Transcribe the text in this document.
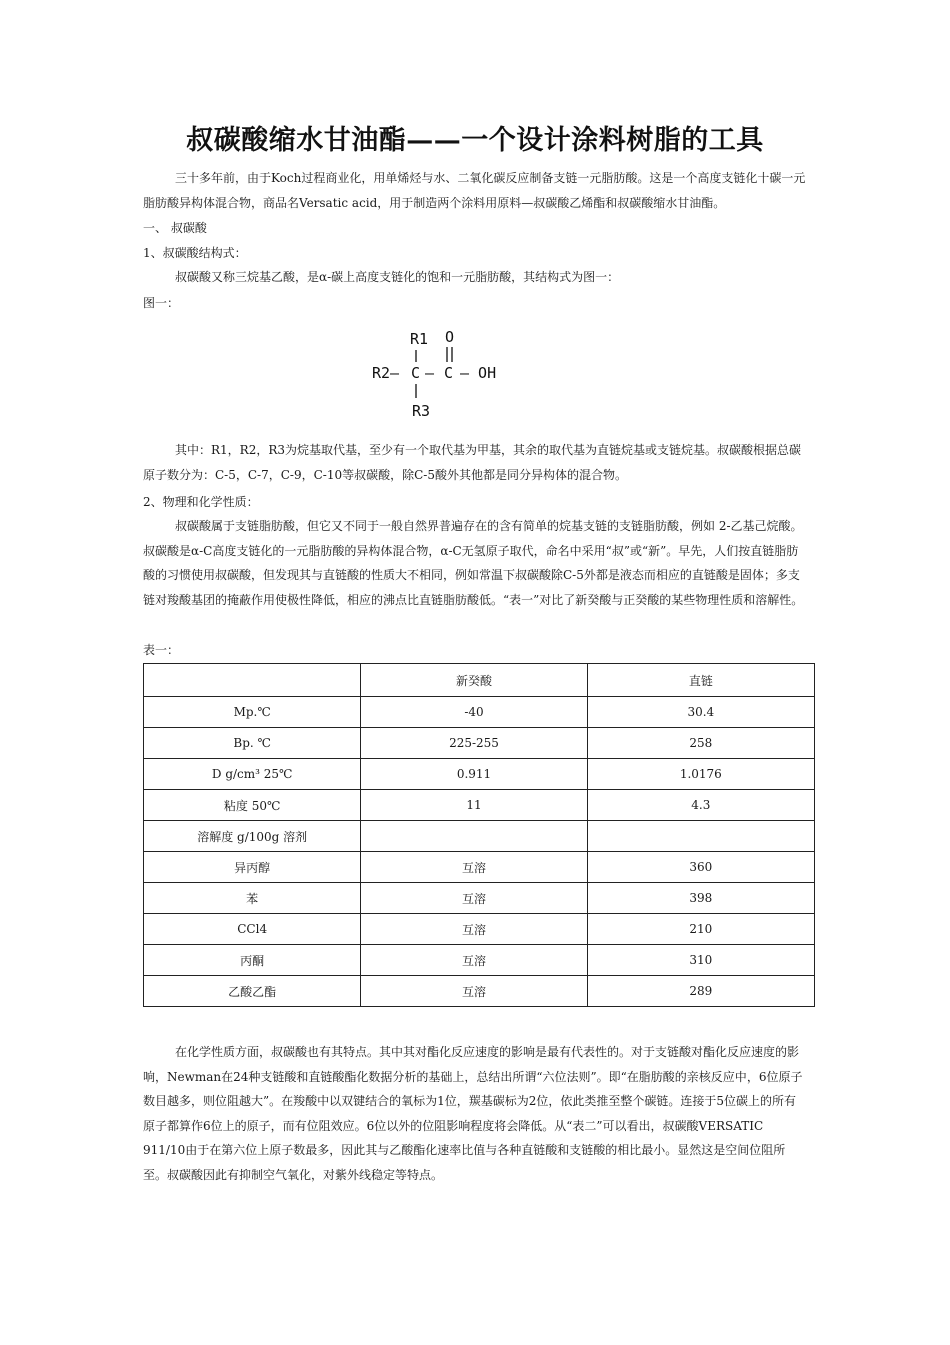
叔碳酸缩水甘油酯——一个设计涂料树脂的工具
三十多年前，由于Koch过程商业化，用单烯烃与水、二氧化碳反应制备支链一元脂肪酸。这是一个高度支链化十碳一元脂肪酸异构体混合物，商品名Versatic acid，用于制造两个涂料用原料—叔碳酸乙烯酯和叔碳酸缩水甘油酯。
一、 叔碳酸
1、叔碳酸结构式：
叔碳酸又称三烷基乙酸，是α-碳上高度支链化的饱和一元脂肪酸，其结构式为图一：
图一：
R1 O
R2— C — C — OH
R3
其中：R1，R2，R3为烷基取代基，至少有一个取代基为甲基，其余的取代基为直链烷基或支链烷基。叔碳酸根据总碳原子数分为：C-5，C-7，C-9，C-10等叔碳酸，除C-5酸外其他都是同分异构体的混合物。
2、物理和化学性质：
叔碳酸属于支链脂肪酸，但它又不同于一般自然界普遍存在的含有简单的烷基支链的支链脂肪酸，例如 2-乙基己烷酸。叔碳酸是α-C高度支链化的一元脂肪酸的异构体混合物，α-C无氢原子取代，命名中采用“叔”或“新”。早先，人们按直链脂肪酸的习惯使用叔碳酸，但发现其与直链酸的性质大不相同，例如常温下叔碳酸除C-5外都是液态而相应的直链酸是固体；多支链对羧酸基团的掩蔽作用使极性降低，相应的沸点比直链脂肪酸低。“表一”对比了新癸酸与正癸酸的某些物理性质和溶解性。
表一：
	新癸酸	直链
Mp.℃	-40	30.4
Bp. ℃	225-255	258
D g/cm³ 25℃	0.911	1.0176
粘度 50℃	11	4.3
溶解度 g/100g 溶剂		
异丙醇	互溶	360
苯	互溶	398
CCl4	互溶	210
丙酮	互溶	310
乙酸乙酯	互溶	289
在化学性质方面，叔碳酸也有其特点。其中其对酯化反应速度的影响是最有代表性的。对于支链酸对酯化反应速度的影响，Newman在24种支链酸和直链酸酯化数据分析的基础上，总结出所谓“六位法则”。即“在脂肪酸的亲核反应中，6位原子数目越多，则位阻越大”。在羧酸中以双键结合的氧标为1位，羰基碳标为2位，依此类推至整个碳链。连接于5位碳上的所有原子都算作6位上的原子，而有位阻效应。6位以外的位阻影响程度将会降低。从“表二”可以看出，叔碳酸VERSATIC 911/10由于在第六位上原子数最多，因此其与乙酸酯化速率比值与各种直链酸和支链酸的相比最小。显然这是空间位阻所至。叔碳酸因此有抑制空气氧化，对紫外线稳定等特点。
